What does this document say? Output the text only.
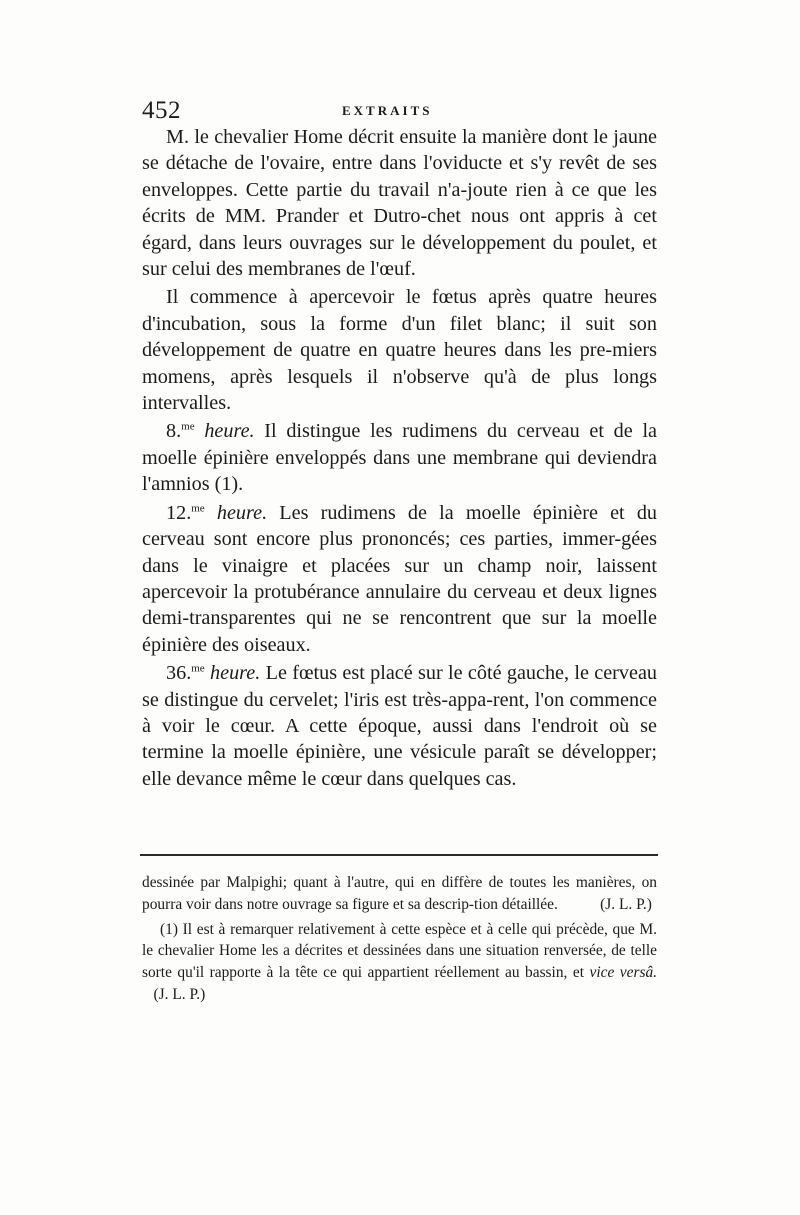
452	EXTRAITS

M. le chevalier Home décrit ensuite la manière dont le jaune se détache de l'ovaire, entre dans l'oviducte et s'y revêt de ses enveloppes. Cette partie du travail n'a-joute rien à ce que les écrits de MM. Prander et Dutro-chet nous ont appris à cet égard, dans leurs ouvrages sur le développement du poulet, et sur celui des membranes de l'œuf.

Il commence à apercevoir le fœtus après quatre heures d'incubation, sous la forme d'un filet blanc; il suit son développement de quatre en quatre heures dans les pre-miers momens, après lesquels il n'observe qu'à de plus longs intervalles.

8.$^{me}$ heure. Il distingue les rudimens du cerveau et de la moelle épinière enveloppés dans une membrane qui deviendra l'amnios (1).

12.$^{me}$ heure. Les rudimens de la moelle épinière et du cerveau sont encore plus prononcés; ces parties, immer-gées dans le vinaigre et placées sur un champ noir, laissent apercevoir la protubérance annulaire du cerveau et deux lignes demi-transparentes qui ne se rencontrent que sur la moelle épinière des oiseaux.

36.$^{me}$ heure. Le fœtus est placé sur le côté gauche, le cerveau se distingue du cervelet; l'iris est très-appa-rent, l'on commence à voir le cœur. A cette époque, aussi dans l'endroit où se termine la moelle épinière, une vésicule paraît se développer; elle devance même le cœur dans quelques cas.

dessinée par Malpighi; quant à l'autre, qui en diffère de toutes les manières, on pourra voir dans notre ouvrage sa figure et sa descrip-tion détaillée.	(J. L. P.)

(1) Il est à remarquer relativement à cette espèce et à celle qui précède, que M. le chevalier Home les a décrites et dessinées dans une situation renversée, de telle sorte qu'il rapporte à la tête ce qui appartient réellement au bassin, et vice versâ.    (J. L. P.)
